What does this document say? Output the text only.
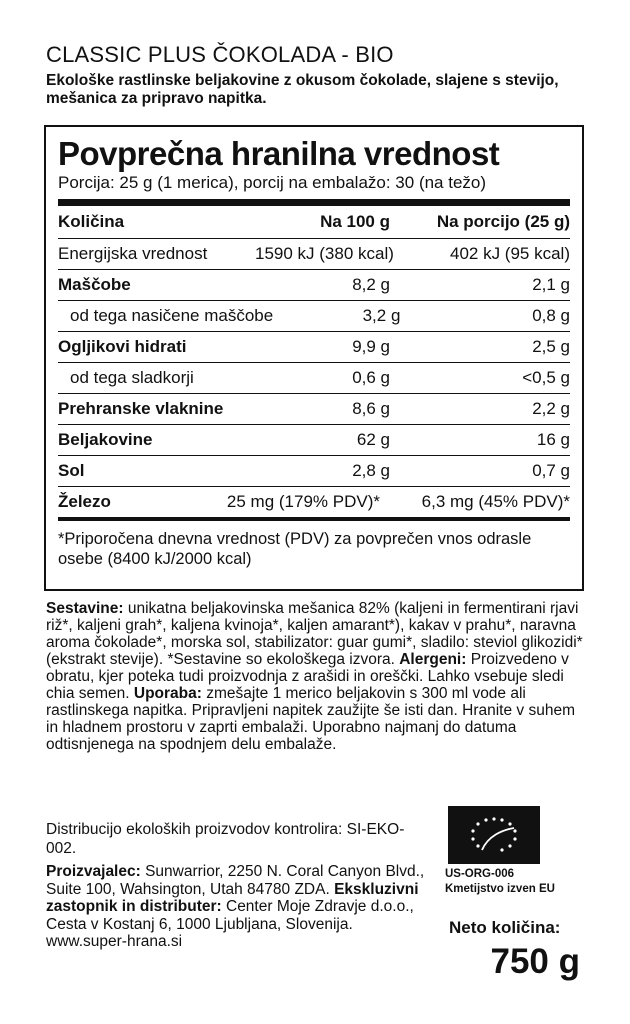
CLASSIC PLUS ČOKOLADA - BIO
Ekološke rastlinske beljakovine z okusom čokolade, slajene s stevijo, mešanica za pripravo napitka.
Povprečna hranilna vrednost
Porcija: 25 g (1 merica), porcij na embalažo: 30 (na težo)
Količina	Na 100 g	Na porcijo (25 g)
Energijska vrednost	1590 kJ (380 kcal)	402 kJ (95 kcal)
Maščobe	8,2 g	2,1 g
od tega nasičene maščobe	3,2 g	0,8 g
Ogljikovi hidrati	9,9 g	2,5 g
od tega sladkorji	0,6 g	<0,5 g
Prehranske vlaknine	8,6 g	2,2 g
Beljakovine	62 g	16 g
Sol	2,8 g	0,7 g
Železo	25 mg (179% PDV)*	6,3 mg (45% PDV)*
*Priporočena dnevna vrednost (PDV) za povprečen vnos odrasle osebe (8400 kJ/2000 kcal)
Sestavine: unikatna beljakovinska mešanica 82% (kaljeni in fermentirani rjavi riž*, kaljeni grah*, kaljena kvinoja*, kaljen amarant*), kakav v prahu*, naravna aroma čokolade*, morska sol, stabilizator: guar gumi*, sladilo: steviol glikozidi* (ekstrakt stevije). *Sestavine so ekološkega izvora. Alergeni: Proizvedeno v obratu, kjer poteka tudi proizvodnja z arašidi in oreščki. Lahko vsebuje sledi chia semen. Uporaba: zmešajte 1 merico beljakovin s 300 ml vode ali rastlinskega napitka. Pripravljeni napitek zaužijte še isti dan. Hranite v suhem in hladnem prostoru v zaprti embalaži. Uporabno najmanj do datuma odtisnjenega na spodnjem delu embalaže.
Distribucijo ekoloških proizvodov kontrolira: SI-EKO-002.
Proizvajalec: Sunwarrior, 2250 N. Coral Canyon Blvd., Suite 100, Wahsington, Utah 84780 ZDA. Ekskluzivni zastopnik in distributer: Center Moje Zdravje d.o.o., Cesta v Kostanj 6, 1000 Ljubljana, Slovenija. www.super-hrana.si
US-ORG-006
Kmetijstvo izven EU
Neto količina:
750 g
